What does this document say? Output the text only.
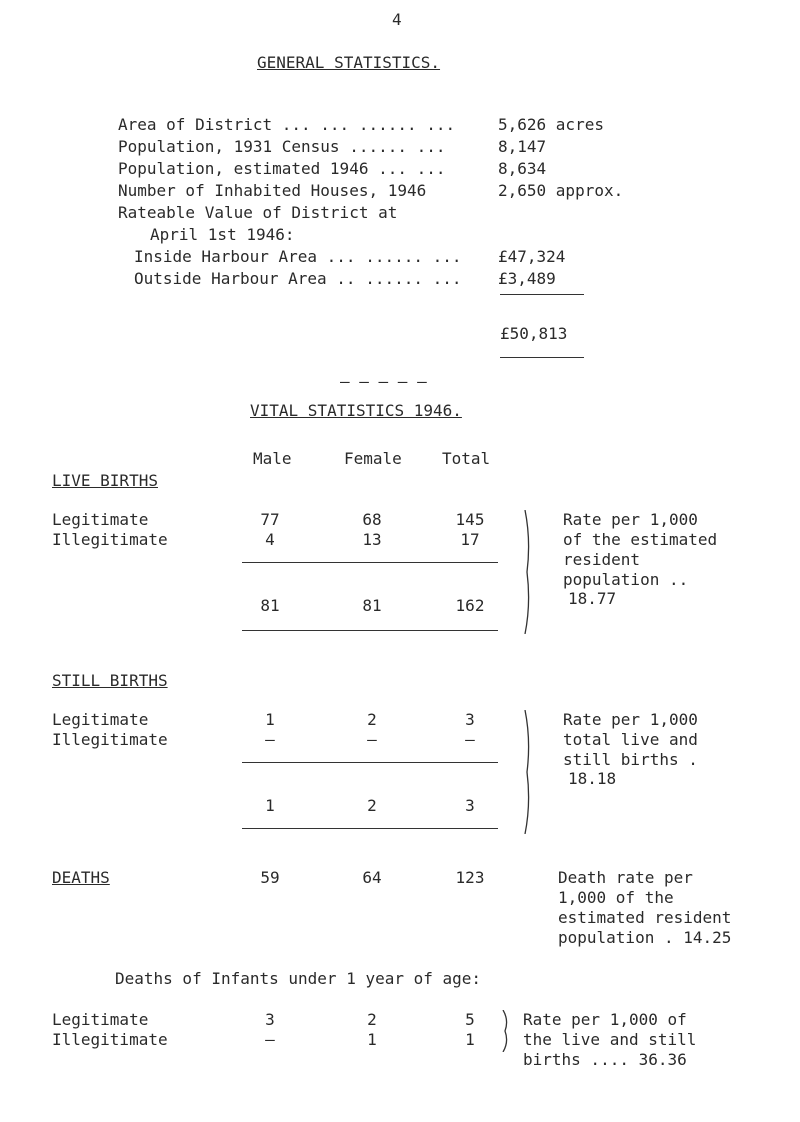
4
GENERAL STATISTICS.
Area of District ... ... ...... ...	5,626 acres
Population, 1931 Census ...... ...	8,147
Population, estimated 1946 ... ...	8,634
Number of Inhabited Houses, 1946	2,650 approx.
Rateable Value of District at
April 1st 1946:
Inside Harbour Area ... ...... ... £47,324
Outside Harbour Area .. ...... ... £3,489
£50,813
— — — — —
VITAL STATISTICS 1946.
Male	Female	Total
LIVE BIRTHS
Legitimate	77	68	145
Illegitimate	4	13	17
81	81	162
Rate per 1,000
of the estimated
resident
population ..
18.77
STILL BIRTHS
Legitimate	1	2	3
Illegitimate	–	–	–
1	2	3
Rate per 1,000
total live and
still births .
18.18
DEATHS	59	64	123	Death rate per
1,000 of the
estimated resident
population . 14.25
Deaths of Infants under 1 year of age:
Legitimate	3	2	5
Illegitimate	–	1	1
Rate per 1,000 of
the live and still
births .... 36.36
